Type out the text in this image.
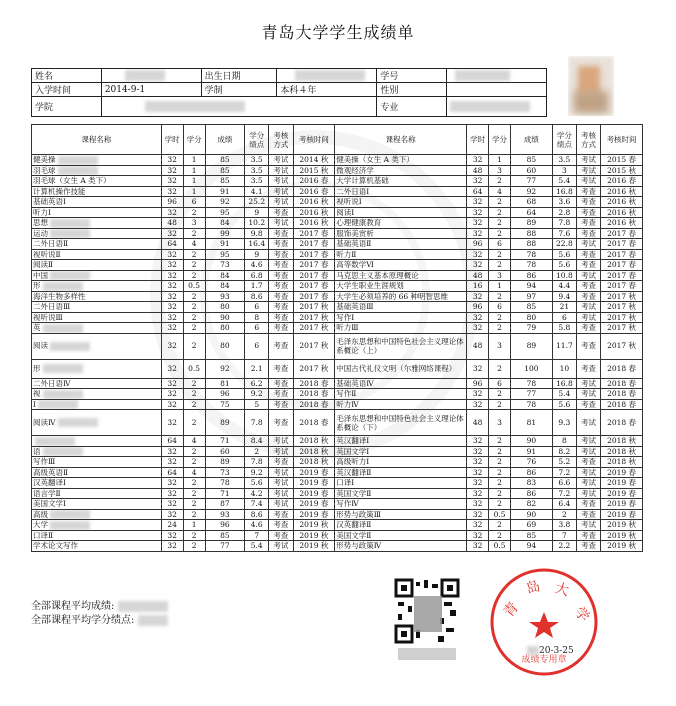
青岛大学学生成绩单
姓名		出生日期		学号	
入学时间	2014-9-1	学制	本科４年	性别	
学院				专业	
课程名称	学时	学分	成绩	学分绩点	考核方式	考核时间	课程名称	学时	学分	成绩	学分绩点	考核方式	考核时间
健美操	32	1	85	3.5	考试	2014 秋	健美操（女生 A 类下）	32	1	85	3.5	考试	2015 春
羽毛球	32	1	85	3.5	考试	2015 秋	微观经济学	48	3	60	3	考试	2015 秋
羽毛球（女生 A 类下）	32	1	85	3.5	考试	2016 春	大学计算机基础	32	2	77	5.4	考试	2016 春
计算机操作技能	32	1	91	4.1	考试	2016 春	二外日语Ⅰ	64	4	92	16.8	考查	2016 秋
基础英语Ⅰ	96	6	92	25.2	考试	2016 秋	视听说Ⅰ	32	2	68	3.6	考查	2016 秋
听力Ⅰ	32	2	95	9	考查	2016 秋	阅读Ⅰ	32	2	64	2.8	考查	2016 秋
思想	48	3	84	10.2	考试	2016 秋	心理健康教育	32	2	89	7.8	考查	2016 秋
运动	32	2	99	9.8	考查	2017 春	服饰美赏析	32	2	88	7.6	考查	2017 春
二外日语Ⅱ	64	4	91	16.4	考查	2017 春	基础英语Ⅱ	96	6	88	22.8	考试	2017 春
视听说Ⅱ	32	2	95	9	考查	2017 春	听力Ⅱ	32	2	78	5.6	考查	2017 春
阅读Ⅱ	32	2	73	4.6	考查	2017 春	高等数学Ⅵ	32	2	78	5.6	考查	2017 春
中国	32	2	84	6.8	考查	2017 春	马克思主义基本原理概论	48	3	86	10.8	考试	2017 春
形	32	0.5	84	1.7	考查	2017 春	大学生职业生涯规划	16	1	94	4.4	考查	2017 春
海洋生物多样性	32	2	93	8.6	考查	2017 春	大学生必须培养的 66 种明智思维	32	2	97	9.4	考查	2017 秋
二外日语Ⅲ	32	2	80	6	考查	2017 秋	基础英语Ⅲ	96	6	85	21	考试	2017 秋
视听说Ⅲ	32	2	90	8	考查	2017 秋	写作Ⅰ	32	2	80	6	考试	2017 秋
英	32	2	80	6	考查	2017 秋	听力Ⅲ	32	2	79	5.8	考查	2017 秋
阅读	32	2	80	6	考查	2017 秋	毛泽东思想和中国特色社会主义理论体系概论（上）	48	3	89	11.7	考查	2017 秋
形	32	0.5	92	2.1	考查	2017 秋	中国古代礼仪文明（尔雅网络课程）	32	2	100	10	考查	2018 春
二外日语Ⅳ	32	2	81	6.2	考查	2018 春	基础英语Ⅳ	96	6	78	16.8	考试	2018 春
视	32	2	96	9.2	考查	2018 春	写作Ⅱ	32	2	77	5.4	考试	2018 春
Ⅰ	32	2	75	5	考查	2018 春	听力Ⅳ	32	2	78	5.6	考查	2018 春
阅读Ⅳ	32	2	89	7.8	考查	2018 春	毛泽东思想和中国特色社会主义理论体系概论（下）	48	3	81	9.3	考试	2018 春
	64	4	71	8.4	考试	2018 秋	英汉翻译Ⅰ	32	2	90	8	考试	2018 秋
语	32	2	60	2	考试	2018 秋	英国文学Ⅰ	32	2	91	8.2	考试	2018 秋
写作Ⅲ	32	2	89	7.8	考查	2018 秋	高级听力Ⅰ	32	2	76	5.2	考查	2018 秋
高级英语Ⅱ	64	4	73	9.2	考试	2019 春	英汉翻译Ⅱ	32	2	86	7.2	考试	2019 春
汉英翻译Ⅰ	32	2	78	5.6	考试	2019 春	口译Ⅰ	32	2	83	6.6	考试	2019 春
语言学Ⅱ	32	2	71	4.2	考试	2019 春	英国文学Ⅱ	32	2	86	7.2	考试	2019 春
美国文学Ⅰ	32	2	87	7.4	考试	2019 春	写作Ⅳ	32	2	82	6.4	考查	2019 春
高级	32	2	93	8.6	考查	2019 春	形势与政策Ⅲ	32	0.5	90	2	考查	2019 春
大学	24	1	96	4.6	考查	2019 秋	汉英翻译Ⅱ	32	2	69	3.8	考试	2019 秋
口译Ⅱ	32	2	85	7	考查	2019 秋	美国文学Ⅱ	32	2	85	7	考查	2019 秋
学术论文写作	32	2	77	5.4	考试	2019 秋	形势与政策Ⅳ	32	0.5	94	2.2	考查	2019 秋
全部课程平均成绩:
全部课程平均学分绩点:	青
岛 大
学
成绩专用章
20-3-25
